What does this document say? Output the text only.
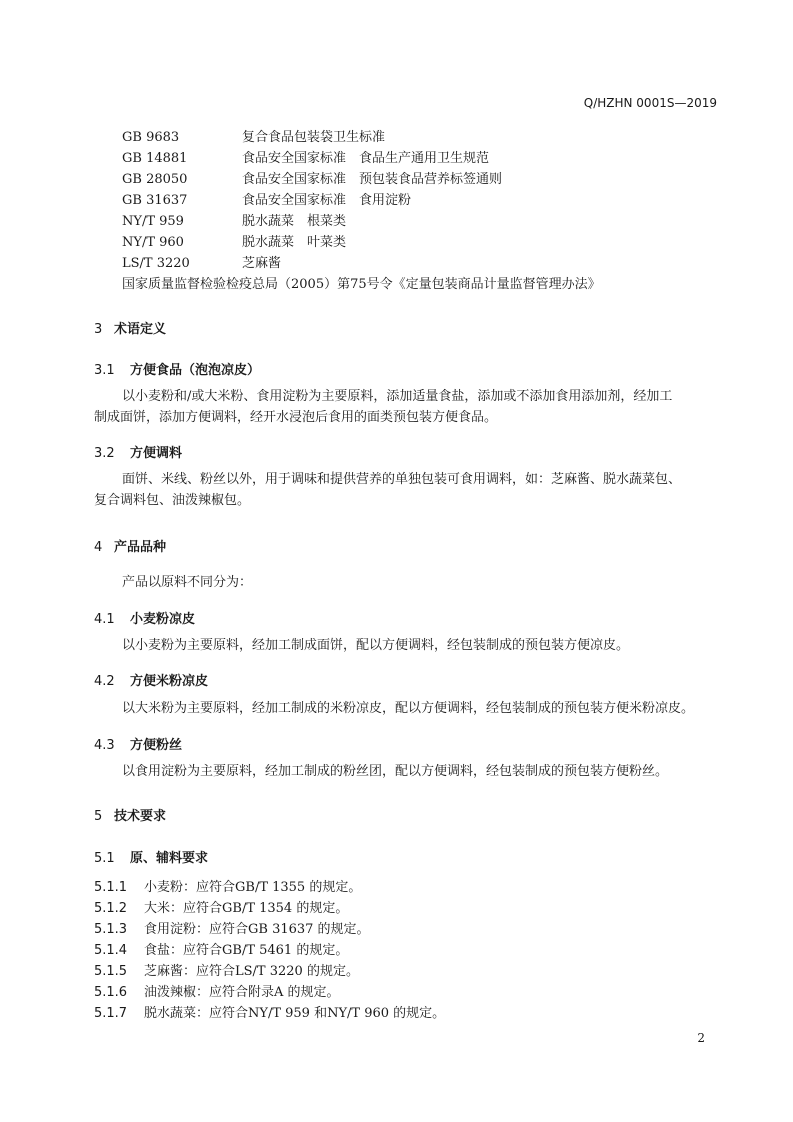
Q/HZHN 0001S—2019
GB 9683	复合食品包装袋卫生标准
GB 14881	食品安全国家标准　食品生产通用卫生规范
GB 28050	食品安全国家标准　预包装食品营养标签通则
GB 31637	食品安全国家标准　食用淀粉
NY/T 959	脱水蔬菜　根菜类
NY/T 960	脱水蔬菜　叶菜类
LS/T 3220	芝麻酱
国家质量监督检验检疫总局（2005）第75号令《定量包装商品计量监督管理办法》
3 术语定义
3.1 方便食品（泡泡凉皮）
以小麦粉和/或大米粉、食用淀粉为主要原料，添加适量食盐，添加或不添加食用添加剂，经加工
制成面饼，添加方便调料，经开水浸泡后食用的面类预包装方便食品。
3.2 方便调料
面饼、米线、粉丝以外，用于调味和提供营养的单独包装可食用调料，如：芝麻酱、脱水蔬菜包、
复合调料包、油泼辣椒包。
4 产品品种
产品以原料不同分为：
4.1 小麦粉凉皮
以小麦粉为主要原料，经加工制成面饼，配以方便调料，经包装制成的预包装方便凉皮。
4.2 方便米粉凉皮
以大米粉为主要原料，经加工制成的米粉凉皮，配以方便调料，经包装制成的预包装方便米粉凉皮。
4.3 方便粉丝
以食用淀粉为主要原料，经加工制成的粉丝团，配以方便调料，经包装制成的预包装方便粉丝。
5 技术要求
5.1 原、辅料要求
5.1.1 小麦粉：应符合GB/T 1355 的规定。
5.1.2 大米：应符合GB/T 1354 的规定。
5.1.3 食用淀粉：应符合GB 31637 的规定。
5.1.4 食盐：应符合GB/T 5461 的规定。
5.1.5 芝麻酱：应符合LS/T 3220 的规定。
5.1.6 油泼辣椒：应符合附录A 的规定。
5.1.7 脱水蔬菜：应符合NY/T 959 和NY/T 960 的规定。
2
